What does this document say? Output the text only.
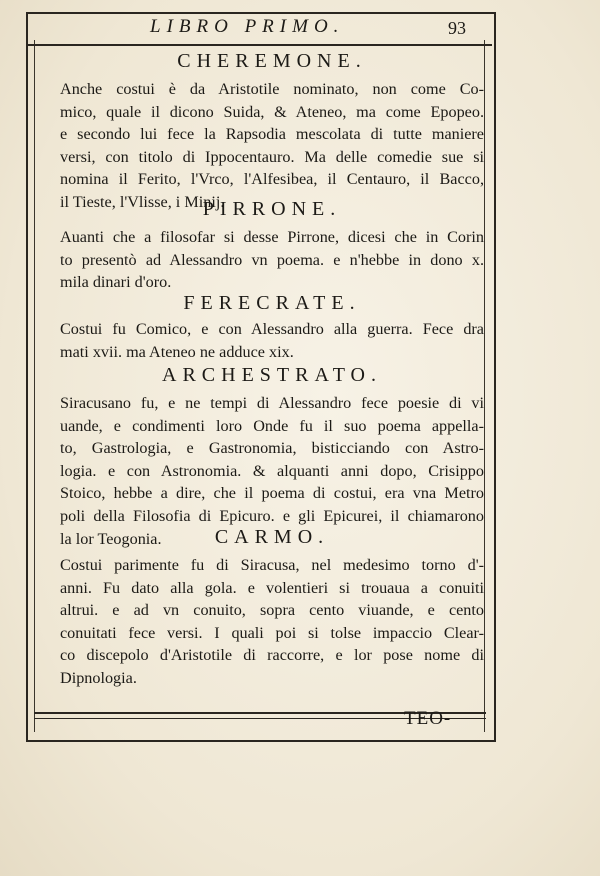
LIBRO PRIMO.	93
CHEREMONE.
Anche costui è da Aristotile nominato, non come Co-
mico, quale il dicono Suida, & Ateneo, ma come Epopeo.
e secondo lui fece la Rapsodia mescolata di tutte maniere
versi, con titolo di Ippocentauro. Ma delle comedie sue si
nomina il Ferito, l'Vrco, l'Alfesibea, il Centauro, il Bacco,
il Tieste, l'Vlisse, i Minij.
PIRRONE.
Auanti che a filosofar si desse Pirrone, dicesi che in Corin
to presentò ad Alessandro vn poema. e n'hebbe in dono x.
mila dinari d'oro.
FERECRATE.
Costui fu Comico, e con Alessandro alla guerra. Fece dra
mati xvii. ma Ateneo ne adduce xix.
ARCHESTRATO.
Siracusano fu, e ne tempi di Alessandro fece poesie di vi
uande, e condimenti loro Onde fu il suo poema appella-
to, Gastrologia, e Gastronomia, bisticciando con Astro-
logia. e con Astronomia. & alquanti anni dopo, Crisippo
Stoico, hebbe a dire, che il poema di costui, era vna Metro
poli della Filosofia di Epicuro. e gli Epicurei, il chiamarono
la lor Teogonia.	CARMO.
Costui parimente fu di Siracusa, nel medesimo torno d'-
anni. Fu dato alla gola. e volentieri si trouaua a conuiti
altrui. e ad vn conuito, sopra cento viuande, e cento
conuitati fece versi. I quali poi si tolse impaccio Clear-
co discepolo d'Aristotile di raccorre, e lor pose nome di
Dipnologia.
TEO-
